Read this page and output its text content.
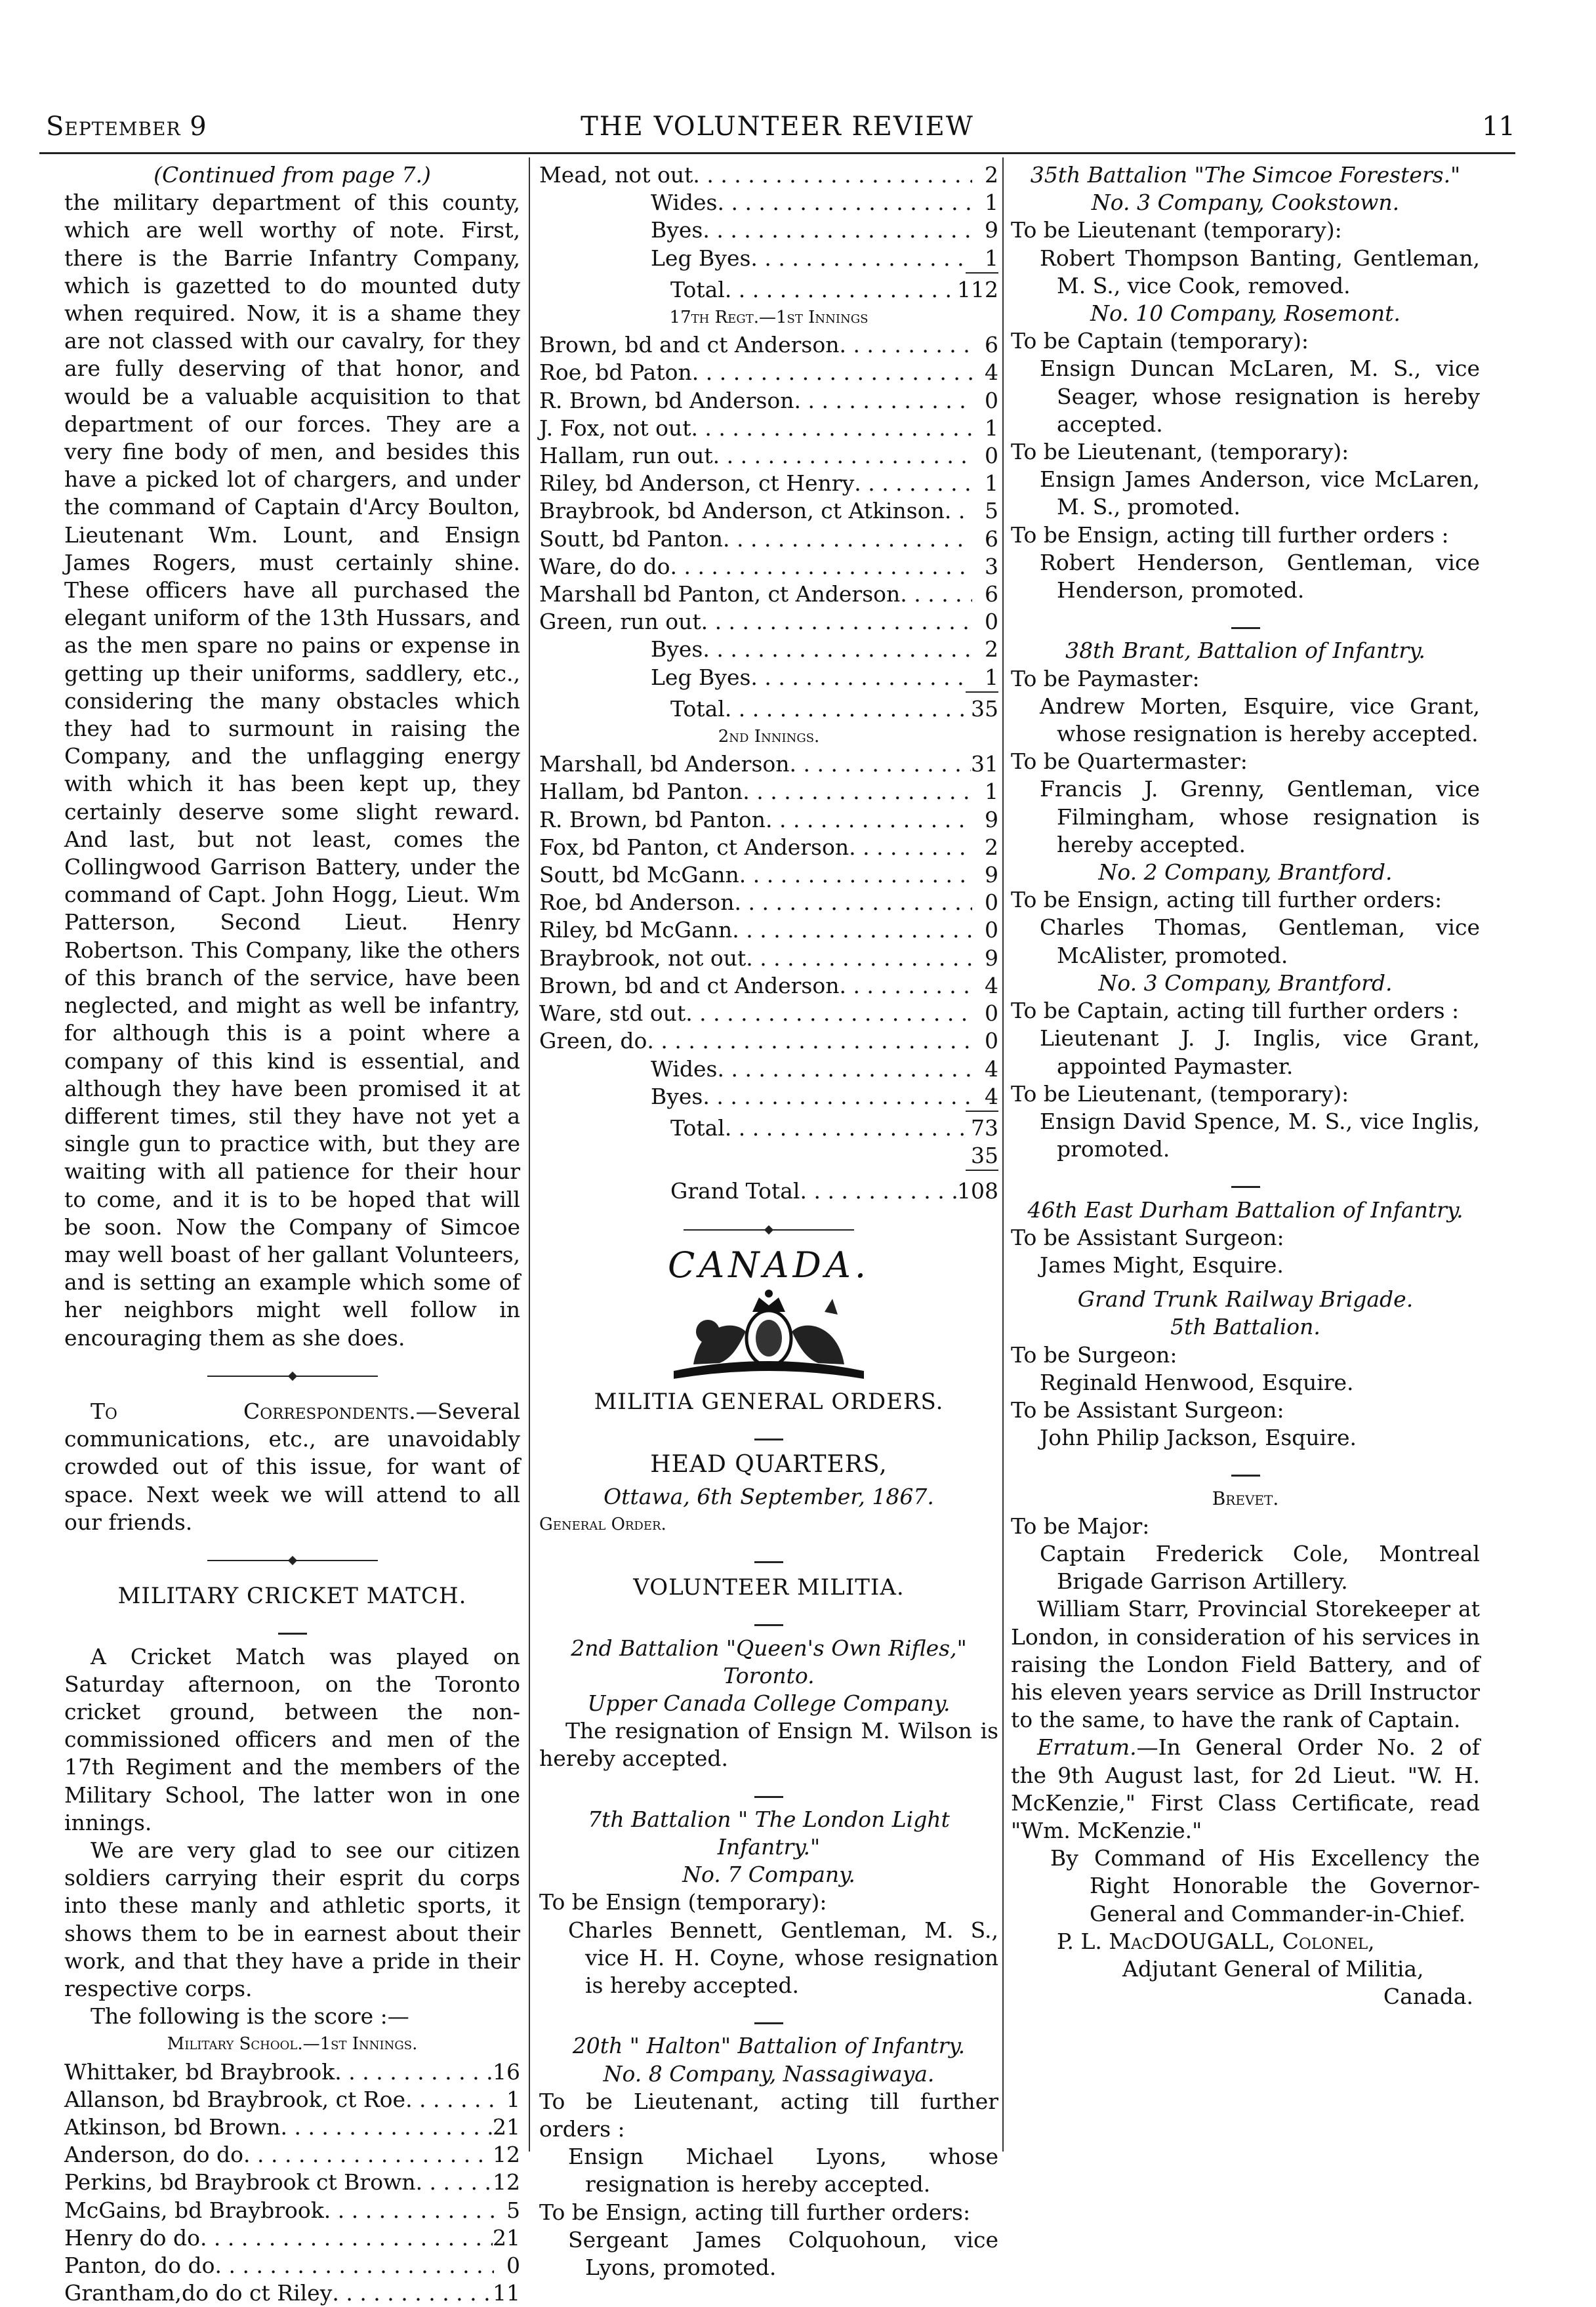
September 9	THE VOLUNTEER REVIEW	11

(Continued from page 7.)

the military department of this county, which are well worthy of note. First, there is the Barrie Infantry Company, which is gazetted to do mounted duty when required. Now, it is a shame they are not classed with our cavalry, for they are fully deserving of that honor, and would be a valuable acquisition to that department of our forces. They are a very fine body of men, and besides this have a picked lot of chargers, and under the command of Captain d'Arcy Boulton, Lieutenant Wm. Lount, and Ensign James Rogers, must certainly shine. These officers have all purchased the elegant uniform of the 13th Hussars, and as the men spare no pains or expense in getting up their uniforms, saddlery, etc., considering the many obstacles which they had to surmount in raising the Company, and the unflagging energy with which it has been kept up, they certainly deserve some slight reward. And last, but not least, comes the Collingwood Garrison Battery, under the command of Capt. John Hogg, Lieut. Wm Patterson, Second Lieut. Henry Robertson. This Company, like the others of this branch of the service, have been neglected, and might as well be infantry, for although this is a point where a company of this kind is essential, and although they have been promised it at different times, stil they have not yet a single gun to practice with, but they are waiting with all patience for their hour to come, and it is to be hoped that will be soon. Now the Company of Simcoe may well boast of her gallant Volunteers, and is setting an example which some of her neighbors might well follow in encouraging them as she does.

To Correspondents.—Several communications, etc., are unavoidably crowded out of this issue, for want of space. Next week we will attend to all our friends.

MILITARY CRICKET MATCH.

A Cricket Match was played on Saturday afternoon, on the Toronto cricket ground, between the non-commissioned officers and men of the 17th Regiment and the members of the Military School, The latter won in one innings.

We are very glad to see our citizen soldiers carrying their esprit du corps into these manly and athletic sports, it shows them to be in earnest about their work, and that they have a pride in their respective corps.

The following is the score :—

Military School.—1st Innings.
Whittaker, bd Braybrook . . .	16
Allanson, bd Braybrook, ct Roe . . .	1
Atkinson, bd Brown . . .	21
Anderson, do do . . .	12
Perkins, bd Braybrook ct Brown . . .	12
McGains, bd Braybrook . . .	5
Henry do do . . .	21
Panton, do do . . .	0
Grantham,do do ct Riley . . .	11
Mead, not out . . .	2
Wides . . .	1
Byes . . .	9
Leg Byes . . .	1
Total . . .	112
17th Regt.—1st Innings
Brown, bd and ct Anderson . . .	6
Roe, bd Paton . . .	4
R. Brown, bd Anderson . . .	0
J. Fox, not out . . .	1
Hallam, run out . . .	0
Riley, bd Anderson, ct Henry . . .	1
Braybrook, bd Anderson, ct Atkinson . . .	5
Soutt, bd Panton . . .	6
Ware, do do . . .	3
Marshall bd Panton, ct Anderson . . .	6
Green, run out . . .	0
Byes . . .	2
Leg Byes . . .	1
Total . . .	35
2nd Innings.
Marshall, bd Anderson . . .	31
Hallam, bd Panton . . .	1
R. Brown, bd Panton . . .	9
Fox, bd Panton, ct Anderson . . .	2
Soutt, bd McGann . . .	9
Roe, bd Anderson . . .	0
Riley, bd McGann . . .	0
Braybrook, not out . . .	9
Brown, bd and ct Anderson . . .	4
Ware, std out . . .	0
Green, do . . .	0
Wides . . .	4
Byes . . .	4
Total . . .	73
35
Grand Total . . .	108
CANADA.
MILITIA GENERAL ORDERS.
HEAD QUARTERS,
Ottawa, 6th September, 1867.
General Order.
VOLUNTEER MILITIA.
2nd Battalion "Queen's Own Rifles," Toronto.
Upper Canada College Company.

The resignation of Ensign M. Wilson is hereby accepted.

7th Battalion " The London Light Infantry."
No. 7 Company.

To be Ensign (temporary):

Charles Bennett, Gentleman, M. S., vice H. H. Coyne, whose resignation is hereby accepted.

20th " Halton" Battalion of Infantry.
No. 8 Company, Nassagiwaya.

To be Lieutenant, acting till further orders :

Ensign Michael Lyons, whose resignation is hereby accepted.

To be Ensign, acting till further orders:

Sergeant James Colquohoun, vice Lyons, promoted.

35th Battalion "The Simcoe Foresters."
No. 3 Company, Cookstown.

To be Lieutenant (temporary):

Robert Thompson Banting, Gentleman, M. S., vice Cook, removed.

No. 10 Company, Rosemont.

To be Captain (temporary):

Ensign Duncan McLaren, M. S., vice Seager, whose resignation is hereby accepted.

To be Lieutenant, (temporary):

Ensign James Anderson, vice McLaren, M. S., promoted.

To be Ensign, acting till further orders :

Robert Henderson, Gentleman, vice Henderson, promoted.

38th Brant, Battalion of Infantry.

To be Paymaster:

Andrew Morten, Esquire, vice Grant, whose resignation is hereby accepted.

To be Quartermaster:

Francis J. Grenny, Gentleman, vice Filmingham, whose resignation is hereby accepted.

No. 2 Company, Brantford.

To be Ensign, acting till further orders:

Charles Thomas, Gentleman, vice McAlister, promoted.

No. 3 Company, Brantford.

To be Captain, acting till further orders :

Lieutenant J. J. Inglis, vice Grant, appointed Paymaster.

To be Lieutenant, (temporary):

Ensign David Spence, M. S., vice Inglis, promoted.

46th East Durham Battalion of Infantry.

To be Assistant Surgeon:

James Might, Esquire.

Grand Trunk Railway Brigade.
5th Battalion.

To be Surgeon:

Reginald Henwood, Esquire.

To be Assistant Surgeon:

John Philip Jackson, Esquire.

Brevet.

To be Major:

Captain Frederick Cole, Montreal Brigade Garrison Artillery.

William Starr, Provincial Storekeeper at London, in consideration of his services in raising the London Field Battery, and of his eleven years service as Drill Instructor to the same, to have the rank of Captain.

Erratum.—In General Order No. 2 of the 9th August last, for 2d Lieut. "W. H. McKenzie," First Class Certificate, read "Wm. McKenzie."

By Command of His Excellency the Right Honorable the Governor-General and Commander-in-Chief.

P. L. MacDOUGALL, Colonel,
Adjutant General of Militia,
Canada.
